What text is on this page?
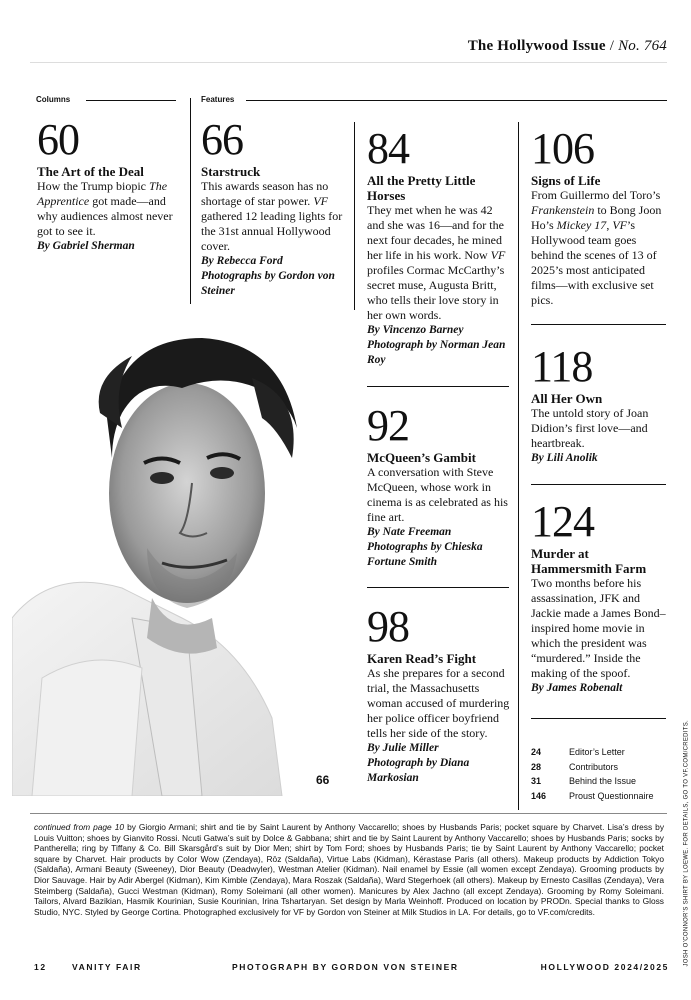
The Hollywood Issue / No. 764
Columns	Features
60
The Art of the Deal
How the Trump biopic The Apprentice got made—and why audiences almost never got to see it.
By Gabriel Sherman
66
Starstruck
This awards season has no shortage of star power. VF gathered 12 leading lights for the 31st annual Hollywood cover.
By Rebecca Ford
Photographs by Gordon von Steiner
84
All the Pretty Little Horses
They met when he was 42 and she was 16—and for the next four decades, he mined her life in his work. Now VF profiles Cormac McCarthy’s secret muse, Augusta Britt, who tells their love story in her own words.
By Vincenzo Barney
Photograph by Norman Jean Roy
92
McQueen’s Gambit
A conversation with Steve McQueen, whose work in cinema is as celebrated as his fine art.
By Nate Freeman
Photographs by Chieska Fortune Smith
98
Karen Read’s Fight
As she prepares for a second trial, the Massachusetts woman accused of murdering her police officer boyfriend tells her side of the story.
By Julie Miller
Photograph by Diana Markosian
106
Signs of Life
From Guillermo del Toro’s Frankenstein to Bong Joon Ho’s Mickey 17, VF’s Hollywood team goes behind the scenes of 13 of 2025’s most anticipated films—with exclusive set pics.
118
All Her Own
The untold story of Joan Didion’s first love—and heartbreak.
By Lili Anolik
124
Murder at Hammersmith Farm
Two months before his assassination, JFK and Jackie made a James Bond–inspired home movie in which the president was “murdered.” Inside the making of the spoof.
By James Robenalt
66
24	Editor’s Letter
28	Contributors
31	Behind the Issue
146	Proust Questionnaire
continued from page 10 by Giorgio Armani; shirt and tie by Saint Laurent by Anthony Vaccarello; shoes by Husbands Paris; pocket square by Charvet. Lisa’s dress by Louis Vuitton; shoes by Gianvito Rossi. Ncuti Gatwa’s suit by Dolce & Gabbana; shirt and tie by Saint Laurent by Anthony Vaccarello; shoes by Husbands Paris; socks by Pantherella; ring by Tiffany & Co. Bill Skarsgård’s suit by Dior Men; shirt by Tom Ford; shoes by Husbands Paris; tie by Saint Laurent by Anthony Vaccarello; pocket square by Charvet. Hair products by Color Wow (Zendaya), Rōz (Saldaña), Virtue Labs (Kidman), Kérastase Paris (all others). Makeup products by Addiction Tokyo (Saldaña), Armani Beauty (Sweeney), Dior Beauty (Deadwyler), Westman Atelier (Kidman). Nail enamel by Essie (all women except Zendaya). Grooming products by Dior Sauvage. Hair by Adir Abergel (Kidman), Kim Kimble (Zendaya), Mara Roszak (Saldaña), Ward Stegerhoek (all others). Makeup by Ernesto Casillas (Zendaya), Vera Steimberg (Saldaña), Gucci Westman (Kidman), Romy Soleimani (all other women). Manicures by Alex Jachno (all except Zendaya). Grooming by Romy Soleimani. Tailors, Alvard Bazikian, Hasmik Kourinian, Susie Kourinian, Irina Tshartaryan. Set design by Marla Weinhoff. Produced on location by PRODn. Special thanks to Gloss Studio, NYC. Styled by George Cortina. Photographed exclusively for VF by Gordon von Steiner at Milk Studios in LA. For details, go to VF.com/credits.	JOSH O’CONNOR’S SHIRT BY LOEWE. FOR DETAILS, GO TO VF.COM/CREDITS.
12	VANITY FAIR	PHOTOGRAPH BY GORDON VON STEINER	HOLLYWOOD 2024/2025
